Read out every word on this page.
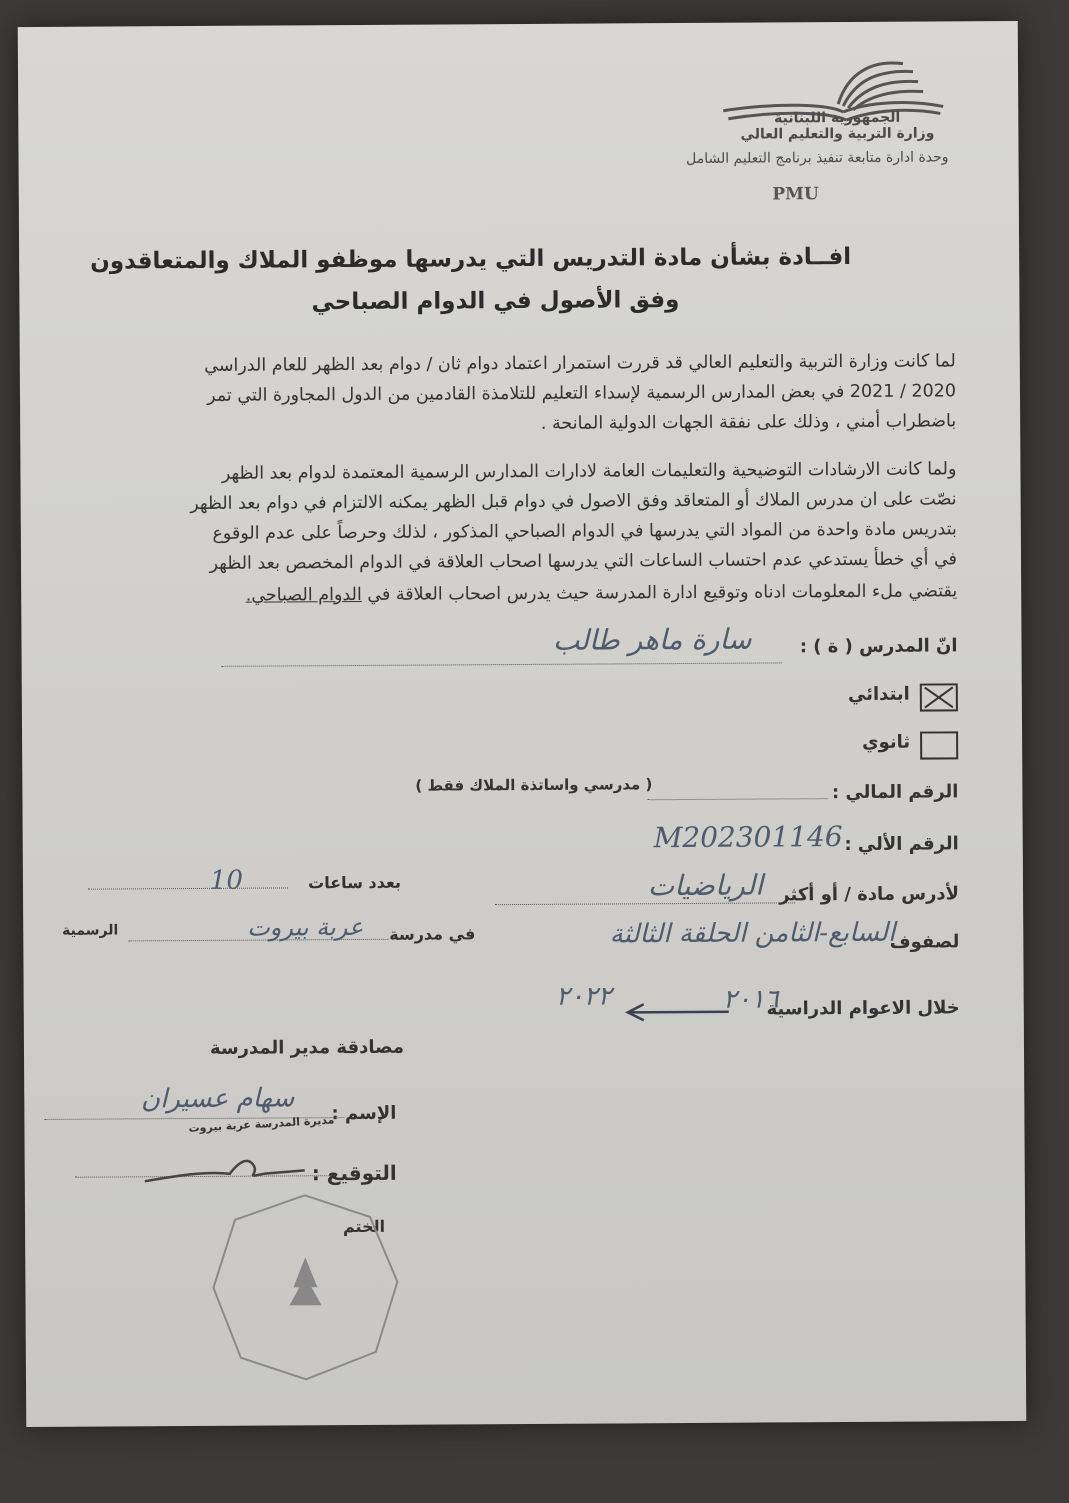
الجمهورية اللبنانية
وزارة التربية والتعليم العالي
وحدة ادارة متابعة تنفيذ برنامج التعليم الشامل
PMU
افــادة بشأن مادة التدريس التي يدرسها موظفو الملاك والمتعاقدون
وفق الأصول في الدوام الصباحي
لما كانت وزارة التربية والتعليم العالي قد قررت استمرار اعتماد دوام ثان / دوام بعد الظهر للعام الدراسي
2020 / 2021 في بعض المدارس الرسمية لإسداء التعليم للتلامذة القادمين من الدول المجاورة التي تمر
باضطراب أمني ، وذلك على نفقة الجهات الدولية المانحة .
ولما كانت الارشادات التوضيحية والتعليمات العامة لادارات المدارس الرسمية المعتمدة لدوام بعد الظهر
نصّت على ان مدرس الملاك أو المتعاقد وفق الاصول في دوام قبل الظهر يمكنه الالتزام في دوام بعد الظهر
بتدريس مادة واحدة من المواد التي يدرسها في الدوام الصباحي المذكور ، لذلك وحرصاً على عدم الوقوع
في أي خطأ يستدعي عدم احتساب الساعات التي يدرسها اصحاب العلاقة في الدوام المخصص بعد الظهر
يقتضي ملء المعلومات ادناه وتوقيع ادارة المدرسة حيث يدرس اصحاب العلاقة في الدوام الصباحي.
انّ المدرس ( ة ) :
سارة ماهر طالب
ابتدائي
ثانوي
الرقم المالي :
( مدرسي واساتذة الملاك فقط )
الرقم الألي :
M202301146
لأدرس مادة / أو أكثر
الرياضيات
بعدد ساعات
10
لصفوف
السابع-الثامن الحلقة الثالثة
في مدرسة
عربة بيروت
الرسمية
خلال الاعوام الدراسية
٢٠١٦
٢٠٢٢
مصادقة مدير المدرسة
الإسم :
سهام عسيران
مديرة المدرسة عربة بيروت
التوقيع :
الختم
